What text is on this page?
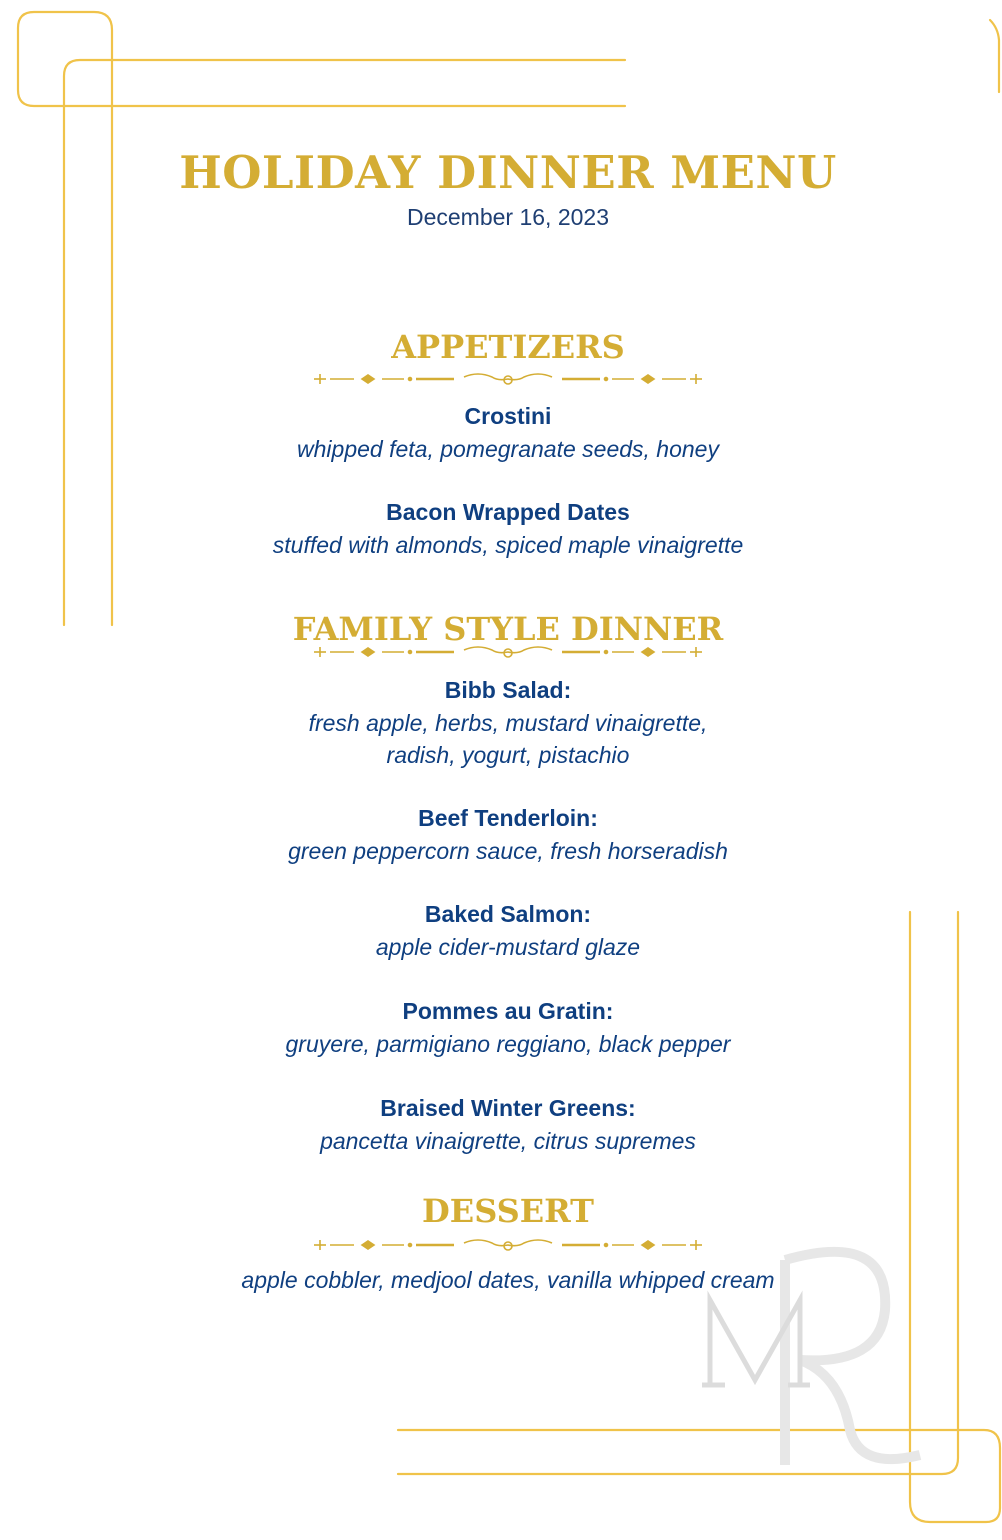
HOLIDAY DINNER MENU
December 16, 2023
APPETIZERS
Crostini
whipped feta, pomegranate seeds, honey
Bacon Wrapped Dates
stuffed with almonds, spiced maple vinaigrette
FAMILY STYLE DINNER
Bibb Salad:
fresh apple, herbs, mustard vinaigrette,
radish, yogurt, pistachio
Beef Tenderloin:
green peppercorn sauce, fresh horseradish
Baked Salmon:
apple cider-mustard glaze
Pommes au Gratin:
gruyere, parmigiano reggiano, black pepper
Braised Winter Greens:
pancetta vinaigrette, citrus supremes
DESSERT
apple cobbler, medjool dates, vanilla whipped cream
